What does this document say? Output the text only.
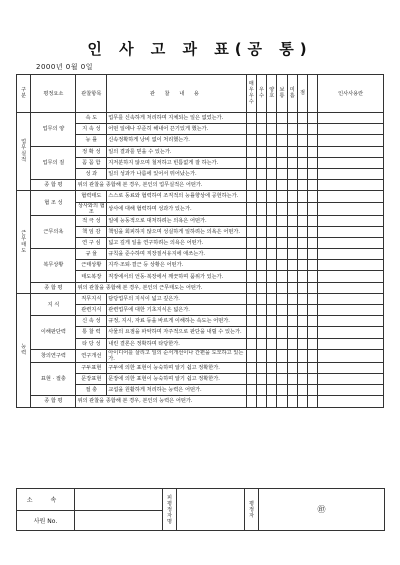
인 사 고 과 표(공 통)
2000년 0월 0일
구분	평정요소	관찰항목	관 찰 내 용	매우우수	우수	양호	보통	미흡	점		인사사용란
업무실적	업무의 양	속 도	업무를 신속하게 처리하며 지체되는 일은 없었는가.								
		지 속 성	어떤 일에나 꾸준히 해내어 끈기있게 했는가.								
		능 률	신속정확하게 낭비 없이 처리했는가.								
	업무의 질	정 확 성	일의 결과를 믿을 수 있는가.								
		꼼 꼼 함	지저분하지 않으며 철저하고 빈틈없게 잘 하는가.								
		성 과	일의 성과가 나름에 있어서 뛰어났는가.								
	종 합 평	위의 관찰을 종합해 본 경우, 본인의 업무실적은 어떤가.									
근무태도	협 조 성	협력태도	스스로 동료와 협력하여 조직적의 능률향상에 공헌하는가.								
		상사와의 협 조	상사에 대해 협력하며 성과가 있는가.								
	근무의욕	적 극 성	일에 능동적으로 대처하려는 의욕은 어떤가.								
		책 임 감	책임을 회피하지 않으며 성실하게 일하려는 의욕은 어떤가.								
		연 구 심	넓고 깊게 일을 연구하려는 의욕은 어떤가.								
	복무상황	규 율	규칙을 준수하며 직장질서유지에 애쓰는가.								
		근태상황	지각·조퇴·결근 등 상황은 어떤가.								
		태도복장	직장에서의 언동·복장에서 깨끗하며 품위가 있는가.								
	종 합 평	위의 관찰을 종합해 본 경우, 본인의 근무태도는 어떤가.									
능력	지 식	직무지식	담당업무의 지식이 넓고 깊은가.								
		관련지식	관련업무에 대한 기초지식은 넓은가.								
	이해판단력	신 속 성	규정, 지시, 자료 등을 바르게 이해하는 속도는 어떤가.								
		통 찰 력	사물의 요점을 파악하며 자주적으로 판단을 내릴 수 있는가.								
		타 당 성	내린 결론은 정확하며 타당한가.								
	창의연구력	연구개선	아이디어를 살리고 일의 순서개선이나 간편을 도모하고 있는가.								
	표현 · 절충	구두표현	구두에 의한 표현이 능숙하며 알기 쉽고 정확한가.								
		문장표현	문장에 의한 표현이 능숙하며 알기 쉽고 정확한가.								
		절 충	교섭을 원활하게 처리하는 능력은 어떤가.								
	종 합 평	위의 관찰을 종합해 본 경우, 본인의 능력은 어떤가.									
소 속		피평정자명		평정자	㊞
사원 No.					
